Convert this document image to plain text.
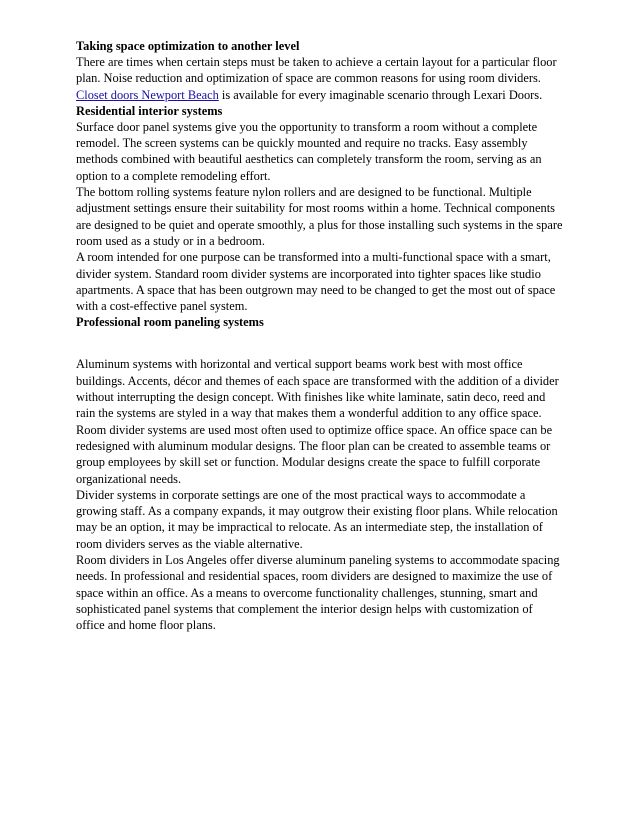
Taking space optimization to another level

There are times when certain steps must be taken to achieve a certain layout for a particular floor plan. Noise reduction and optimization of space are common reasons for using room dividers. Closet doors Newport Beach is available for every imaginable scenario through Lexari Doors.

Residential interior systems

Surface door panel systems give you the opportunity to transform a room without a complete remodel. The screen systems can be quickly mounted and require no tracks. Easy assembly methods combined with beautiful aesthetics can completely transform the room, serving as an option to a complete remodeling effort.

The bottom rolling systems feature nylon rollers and are designed to be functional. Multiple adjustment settings ensure their suitability for most rooms within a home. Technical components are designed to be quiet and operate smoothly, a plus for those installing such systems in the spare room used as a study or in a bedroom.

A room intended for one purpose can be transformed into a multi-functional space with a smart, divider system. Standard room divider systems are incorporated into tighter spaces like studio apartments. A space that has been outgrown may need to be changed to get the most out of space with a cost-effective panel system.

Professional room paneling systems

Aluminum systems with horizontal and vertical support beams work best with most office buildings. Accents, décor and themes of each space are transformed with the addition of a divider without interrupting the design concept. With finishes like white laminate, satin deco, reed and rain the systems are styled in a way that makes them a wonderful addition to any office space.

Room divider systems are used most often used to optimize office space. An office space can be redesigned with aluminum modular designs. The floor plan can be created to assemble teams or group employees by skill set or function. Modular designs create the space to fulfill corporate organizational needs.

Divider systems in corporate settings are one of the most practical ways to accommodate a growing staff. As a company expands, it may outgrow their existing floor plans. While relocation may be an option, it may be impractical to relocate. As an intermediate step, the installation of room dividers serves as the viable alternative.

Room dividers in Los Angeles offer diverse aluminum paneling systems to accommodate spacing needs. In professional and residential spaces, room dividers are designed to maximize the use of space within an office. As a means to overcome functionality challenges, stunning, smart and sophisticated panel systems that complement the interior design helps with customization of office and home floor plans.
